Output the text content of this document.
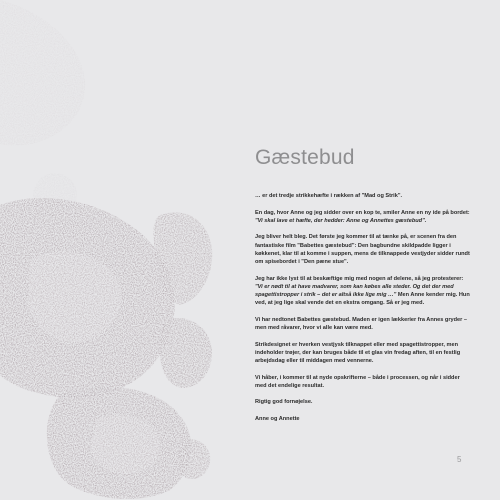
Gæstebud

… er det tredje strikkehæfte i rækken af "Mad og Strik".

En dag, hvor Anne og jeg sidder over en kop te, smiler Anne en ny ide på bordet: "Vi skal lave et hæfte, der hedder: Anne og Annettes gæstebud".

Jeg bliver helt bleg. Det første jeg kommer til at tænke på, er scenen fra den fantastiske film "Babettes gæstebud": Den bagbundne skildpadde ligger i køkkenet, klar til at komme i suppen, mens de tilknappede vestjyder sidder rundt om spisebordet i "Den pæne stue".

Jeg har ikke lyst til at beskæftige mig med nogen af delene, så jeg protesterer: "Vi er nødt til at have madvarer, som kan købes alle steder. Og det der med spagettistropper i strik – det er altså ikke lige mig …" Men Anne kender mig. Hun ved, at jeg lige skal vende det en ekstra omgang. Så er jeg med.

Vi har nedtonet Babettes gæstebud. Maden er igen lækkerier fra Annes gryder – men med råvarer, hvor vi alle kan være med.

Strikdesignet er hverken vestjysk tilknappet eller med spagettistropper, men indeholder trøjer, der kan bruges både til et glas vin fredag aften, til en festlig arbejdsdag eller til middagen med vennerne.

Vi håber, i kommer til at nyde opskrifterne – både i processen, og når i sidder med det endelige resultat.

Rigtig god fornøjelse.

Anne og Annette

5
